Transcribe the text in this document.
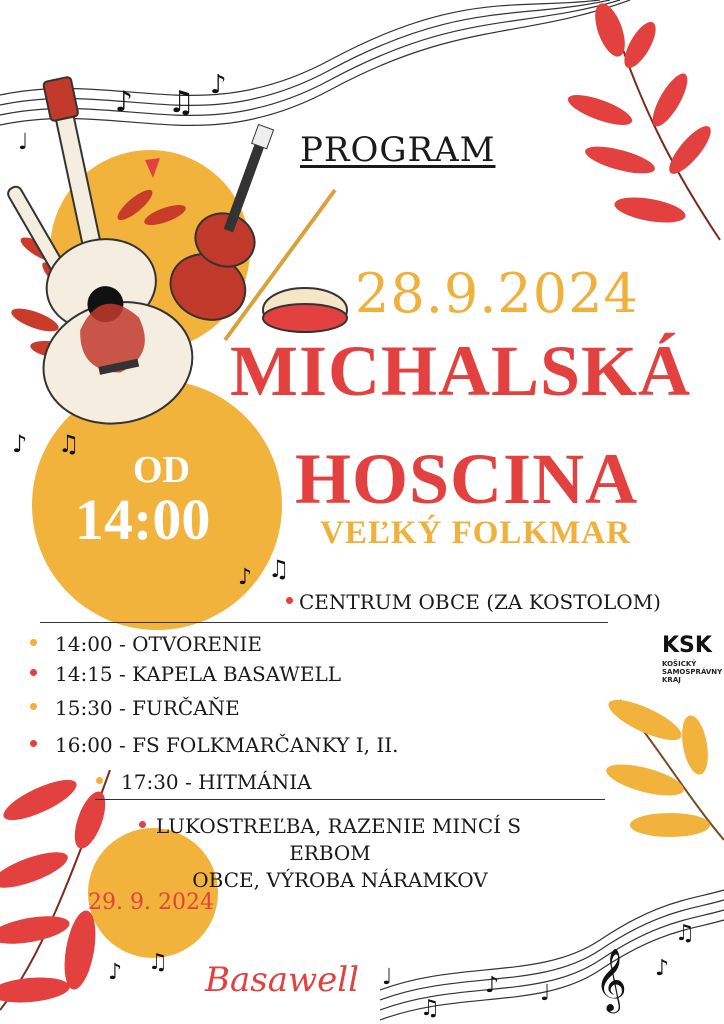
𝄞
♫
♪ ♩
♪
♫
♪ ♫ ♪
♩
♪ ♫
♪ ♫
♪ ♫
♩
PROGRAM
28.9.2024
MICHALSKÁ
HOSCINA
VEĽKÝ FOLKMAR
OD
14:00
CENTRUM OBCE (ZA KOSTOLOM)
14:00 - OTVORENIE
14:15 - KAPELA BASAWELL
15:30 - FURČAŇE
16:00 - FS FOLKMARČANKY I, II.
17:30 - HITMÁNIA
LUKOSTREĽBA, RAZENIE MINCÍ S ERBOM
OBCE, VÝROBA NÁRAMKOV
29. 9. 2024
KSK
KOŠICKÝ
SAMOSPRÁVNY
KRAJ
Basawell
